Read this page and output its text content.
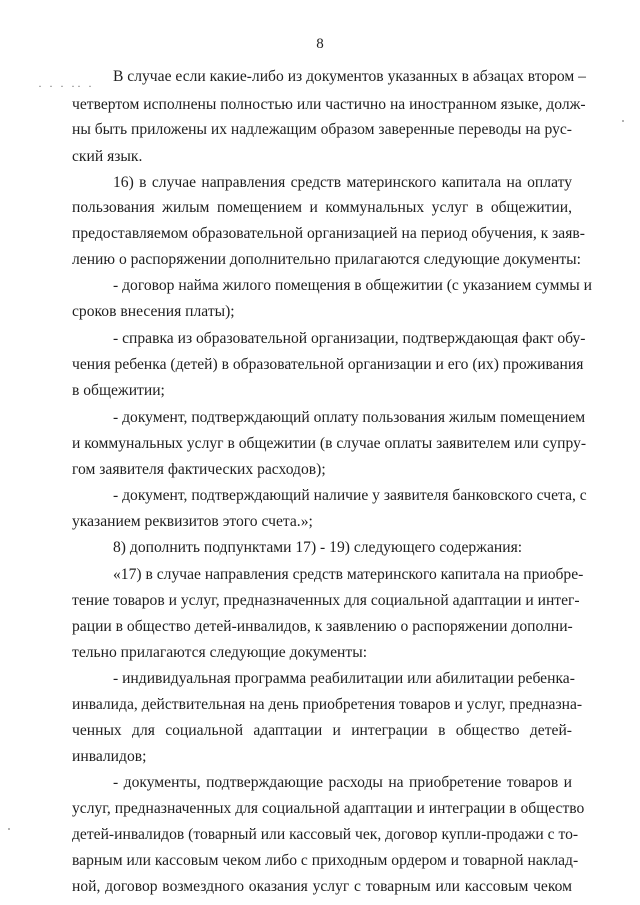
8
· · · ·· ·
В случае если какие-либо из документов указанных в абзацах втором –
четвертом исполнены полностью или частично на иностранном языке, долж-
ны быть приложены их надлежащим образом заверенные переводы на рус-
ский язык.
16) в случае направления средств материнского капитала на оплату
пользования жилым помещением и коммунальных услуг в общежитии,
предоставляемом образовательной организацией на период обучения, к заяв-
лению о распоряжении дополнительно прилагаются следующие документы:
- договор найма жилого помещения в общежитии (с указанием суммы и
сроков внесения платы);
- справка из образовательной организации, подтверждающая факт обу-
чения ребенка (детей) в образовательной организации и его (их) проживания
в общежитии;
- документ, подтверждающий оплату пользования жилым помещением
и коммунальных услуг в общежитии (в случае оплаты заявителем или супру-
гом заявителя фактических расходов);
- документ, подтверждающий наличие у заявителя банковского счета, с
указанием реквизитов этого счета.»;
8) дополнить подпунктами 17) - 19) следующего содержания:
«17) в случае направления средств материнского капитала на приобре-
тение товаров и услуг, предназначенных для социальной адаптации и интег-
рации в общество детей-инвалидов, к заявлению о распоряжении дополни-
тельно прилагаются следующие документы:
- индивидуальная программа реабилитации или абилитации ребенка-
инвалида, действительная на день приобретения товаров и услуг, предназна-
ченных для социальной адаптации и интеграции в общество детей-
инвалидов;
- документы, подтверждающие расходы на приобретение товаров и
услуг, предназначенных для социальной адаптации и интеграции в общество
детей-инвалидов (товарный или кассовый чек, договор купли-продажи с то-
варным или кассовым чеком либо с приходным ордером и товарной наклад-
ной, договор возмездного оказания услуг с товарным или кассовым чеком
